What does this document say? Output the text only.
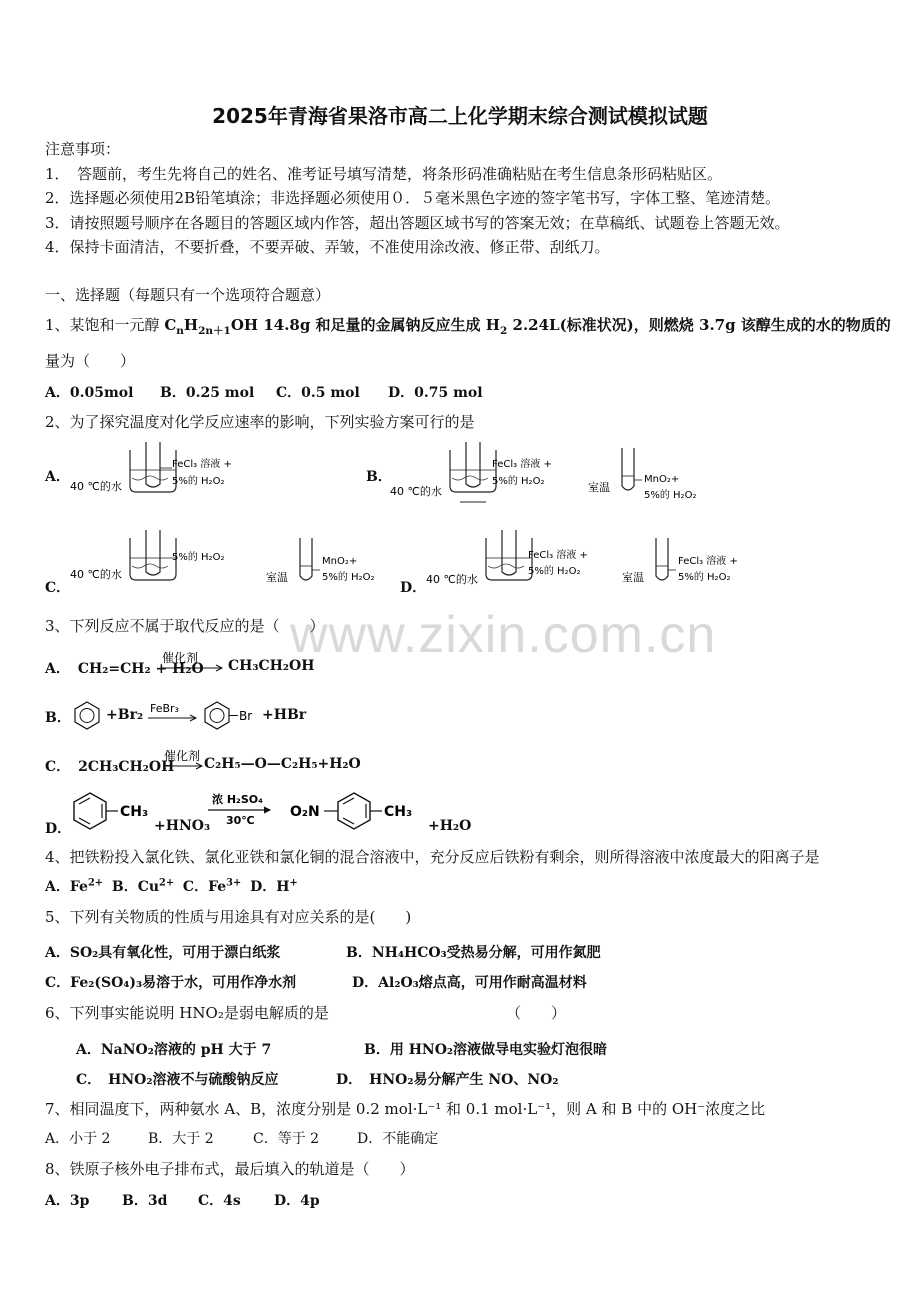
2025年青海省果洛市高二上化学期末综合测试模拟试题
注意事项：
1．　答题前，考生先将自己的姓名、准考证号填写清楚，将条形码准确粘贴在考生信息条形码粘贴区。
2．选择题必须使用2B铅笔填涂；非选择题必须使用０．５毫米黑色字迹的签字笔书写，字体工整、笔迹清楚。
3．请按照题号顺序在各题目的答题区域内作答，超出答题区域书写的答案无效；在草稿纸、试题卷上答题无效。
4．保持卡面清洁，不要折叠，不要弄破、弄皱，不准使用涂改液、修正带、刮纸刀。
一、选择题（每题只有一个选项符合题意）
www.zixin.com.cn
1、某饱和一元醇 $C_nH_{2n+1}OH$ 14.8g 和足量的金属钠反应生成 $H_2$ 2.24L(标准状况)，则燃烧 3.7g 该醇生成的水的物质的
量为（　　）
A．0.05mol B．0.25 mol C．0.5 mol D．0.75 mol
2、为了探究温度对化学反应速率的影响，下列实验方案可行的是
A．	B．
C．	D．
40 ℃的水
FeCl₃ 溶液 +
5%的 H₂O₂
40 ℃的水
FeCl₃ 溶液 +
5%的 H₂O₂	室温
MnO₂+
5%的 H₂O₂
40 ℃的水
5%的 H₂O₂
室温
MnO₂+
5%的 H₂O₂	40 ℃的水
FeCl₃ 溶液 +
5%的 H₂O₂	室温
FeCl₃ 溶液 +
5%的 H₂O₂
3、下列反应不属于取代反应的是（　　）
A． CH₂=CH₂ + H₂O
催化剂 CH₃CH₂OH
B．	+Br₂ FeBr₃
Br +HBr
C． 2CH₃CH₂OH
催化剂 C₂H₅—O—C₂H₅+H₂O
D．
CH₃
+HNO₃
浓 H₂SO₄
30℃
O₂N	CH₃
+H₂O
4、把铁粉投入氯化铁、氯化亚铁和氯化铜的混合溶液中，充分反应后铁粉有剩余，则所得溶液中浓度最大的阳离子是
A．$Fe^{2+}$ B．$Cu^{2+}$ C．$Fe^{3+}$ D．H+
5、下列有关物质的性质与用途具有对应关系的是(　　)
A．SO₂具有氧化性，可用于漂白纸浆	B．NH₄HCO₃受热易分解，可用作氮肥
C．Fe₂(SO₄)₃易溶于水，可用作净水剂	D．Al₂O₃熔点高，可用作耐高温材料
6、下列事实能说明 HNO₂是弱电解质的是	（　　）
A．NaNO₂溶液的 pH 大于 7	B．用 HNO₂溶液做导电实验灯泡很暗
C．　HNO₂溶液不与硫酸钠反应	D．　HNO₂易分解产生 NO、NO₂
7、相同温度下，两种氨水 A、B，浓度分别是 0.2 mol·L⁻¹ 和 0.1 mol·L⁻¹，则 A 和 B 中的 OH⁻浓度之比
A．小于 2	B．大于 2	C．等于 2	D．不能确定
8、铁原子核外电子排布式，最后填入的轨道是（　　）
A．3p B．3d C．4s D．4p
